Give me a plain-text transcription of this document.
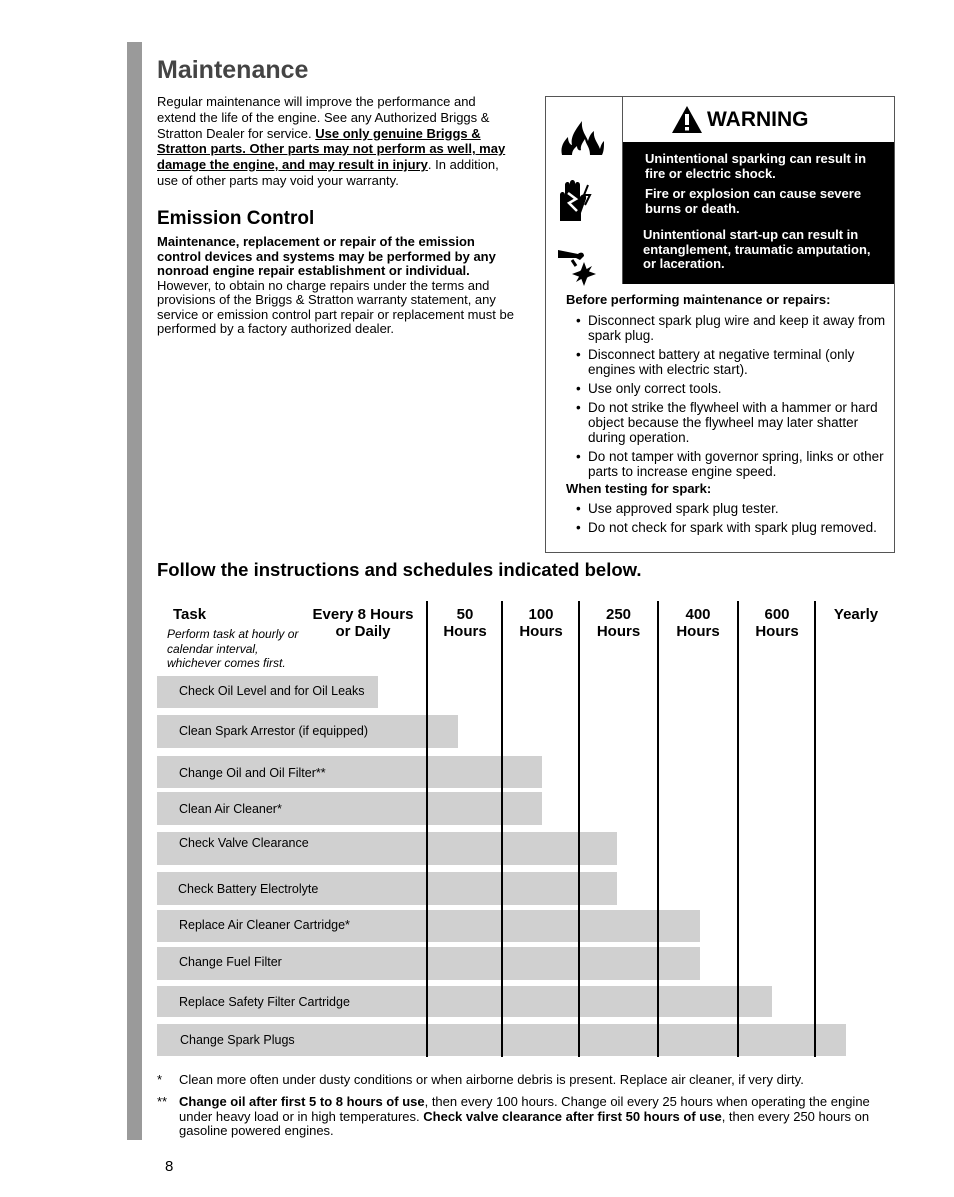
Maintenance

Regular maintenance will improve the performance and extend the life of the engine. See any Authorized Briggs & Stratton Dealer for service. Use only genuine Briggs & Stratton parts. Other parts may not perform as well, may damage the engine, and may result in injury. In addition, use of other parts may void your warranty.

Emission Control

Maintenance, replacement or repair of the emission control devices and systems may be performed by any nonroad engine repair establishment or individual. However, to obtain no charge repairs under the terms and provisions of the Briggs & Stratton warranty statement, any service or emission control part repair or replacement must be performed by a factory authorized dealer.

WARNING

Unintentional sparking can result in fire or electric shock.

Fire or explosion can cause severe burns or death.

Unintentional start-up can result in entanglement, traumatic amputation, or laceration.

Before performing maintenance or repairs:

• Disconnect spark plug wire and keep it away from spark plug.
• Disconnect battery at negative terminal (only engines with electric start).
• Use only correct tools.
• Do not strike the flywheel with a hammer or hard object because the flywheel may later shatter during operation.
• Do not tamper with governor spring, links or other parts to increase engine speed.

When testing for spark:

• Use approved spark plug tester.
• Do not check for spark with spark plug removed.

Follow the instructions and schedules indicated below.

Task

Perform task at hourly or calendar interval, whichever comes first.

Every 8 Hours or Daily
50 Hours
100 Hours
250 Hours
400 Hours
600 Hours
Yearly
Check Oil Level and for Oil Leaks
Clean Spark Arrestor (if equipped)
Change Oil and Oil Filter**
Clean Air Cleaner*
Check Valve Clearance
Check Battery Electrolyte
Replace Air Cleaner Cartridge*
Change Fuel Filter
Replace Safety Filter Cartridge
Change Spark Plugs
* Clean more often under dusty conditions or when airborne debris is present. Replace air cleaner, if very dirty.
** Change oil after first 5 to 8 hours of use, then every 100 hours. Change oil every 25 hours when operating the engine under heavy load or in high temperatures. Check valve clearance after first 50 hours of use, then every 250 hours on gasoline powered engines.
8
